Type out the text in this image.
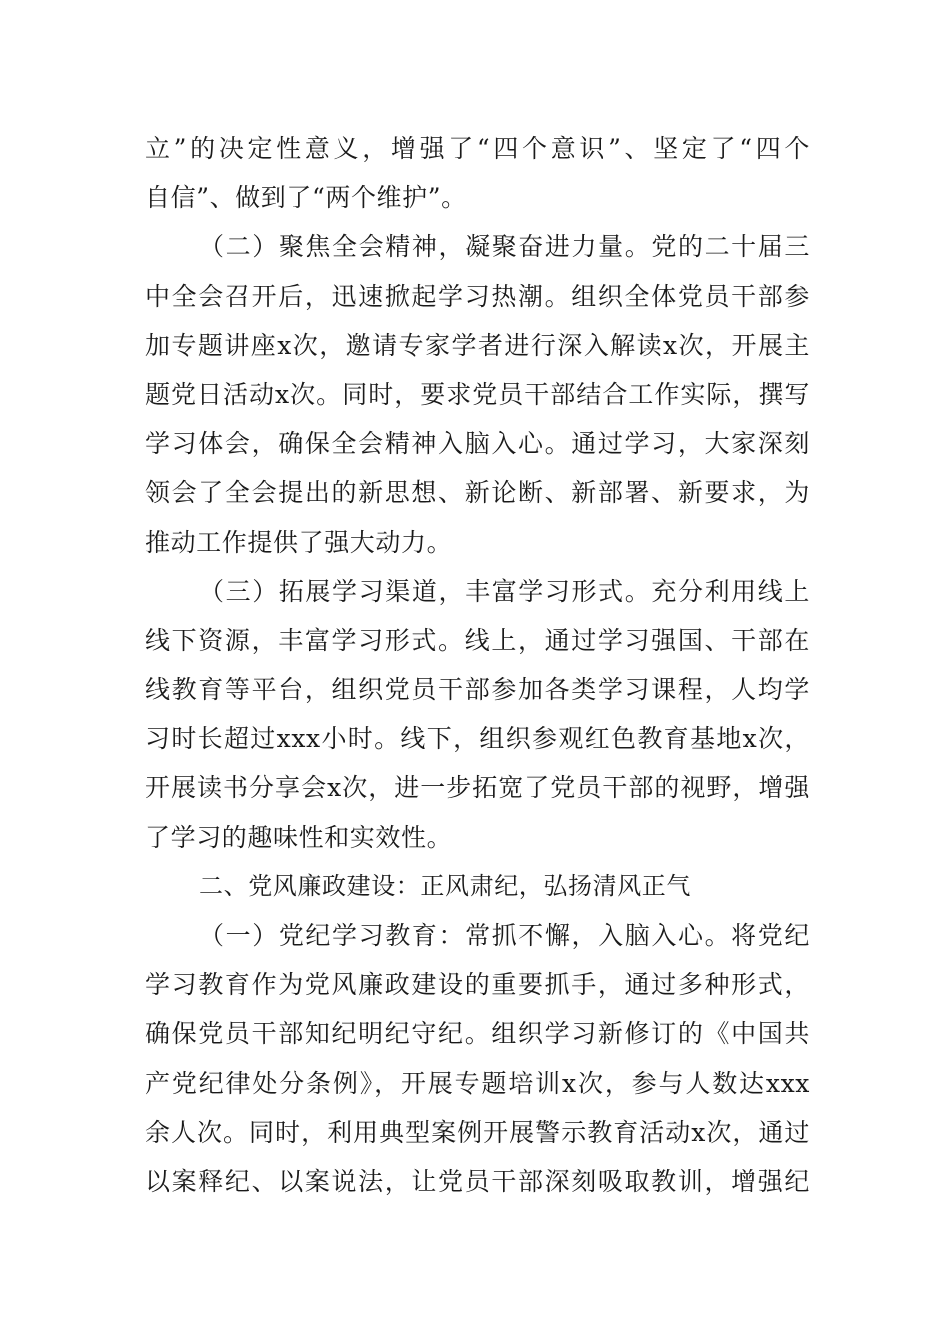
立”的决定性意义，增强了“四个意识”、坚定了“四个
自信”、做到了“两个维护”。
（二）聚焦全会精神，凝聚奋进力量。党的二十届三
中全会召开后，迅速掀起学习热潮。组织全体党员干部参
加专题讲座x次，邀请专家学者进行深入解读x次，开展主
题党日活动x次。同时，要求党员干部结合工作实际，撰写
学习体会，确保全会精神入脑入心。通过学习，大家深刻
领会了全会提出的新思想、新论断、新部署、新要求，为
推动工作提供了强大动力。
（三）拓展学习渠道，丰富学习形式。充分利用线上
线下资源，丰富学习形式。线上，通过学习强国、干部在
线教育等平台，组织党员干部参加各类学习课程，人均学
习时长超过xxx小时。线下，组织参观红色教育基地x次，
开展读书分享会x次，进一步拓宽了党员干部的视野，增强
了学习的趣味性和实效性。
二、党风廉政建设：正风肃纪，弘扬清风正气
（一）党纪学习教育：常抓不懈，入脑入心。将党纪
学习教育作为党风廉政建设的重要抓手，通过多种形式，
确保党员干部知纪明纪守纪。组织学习新修订的《中国共
产党纪律处分条例》，开展专题培训x次，参与人数达xxx
余人次。同时，利用典型案例开展警示教育活动x次，通过
以案释纪、以案说法，让党员干部深刻吸取教训，增强纪
